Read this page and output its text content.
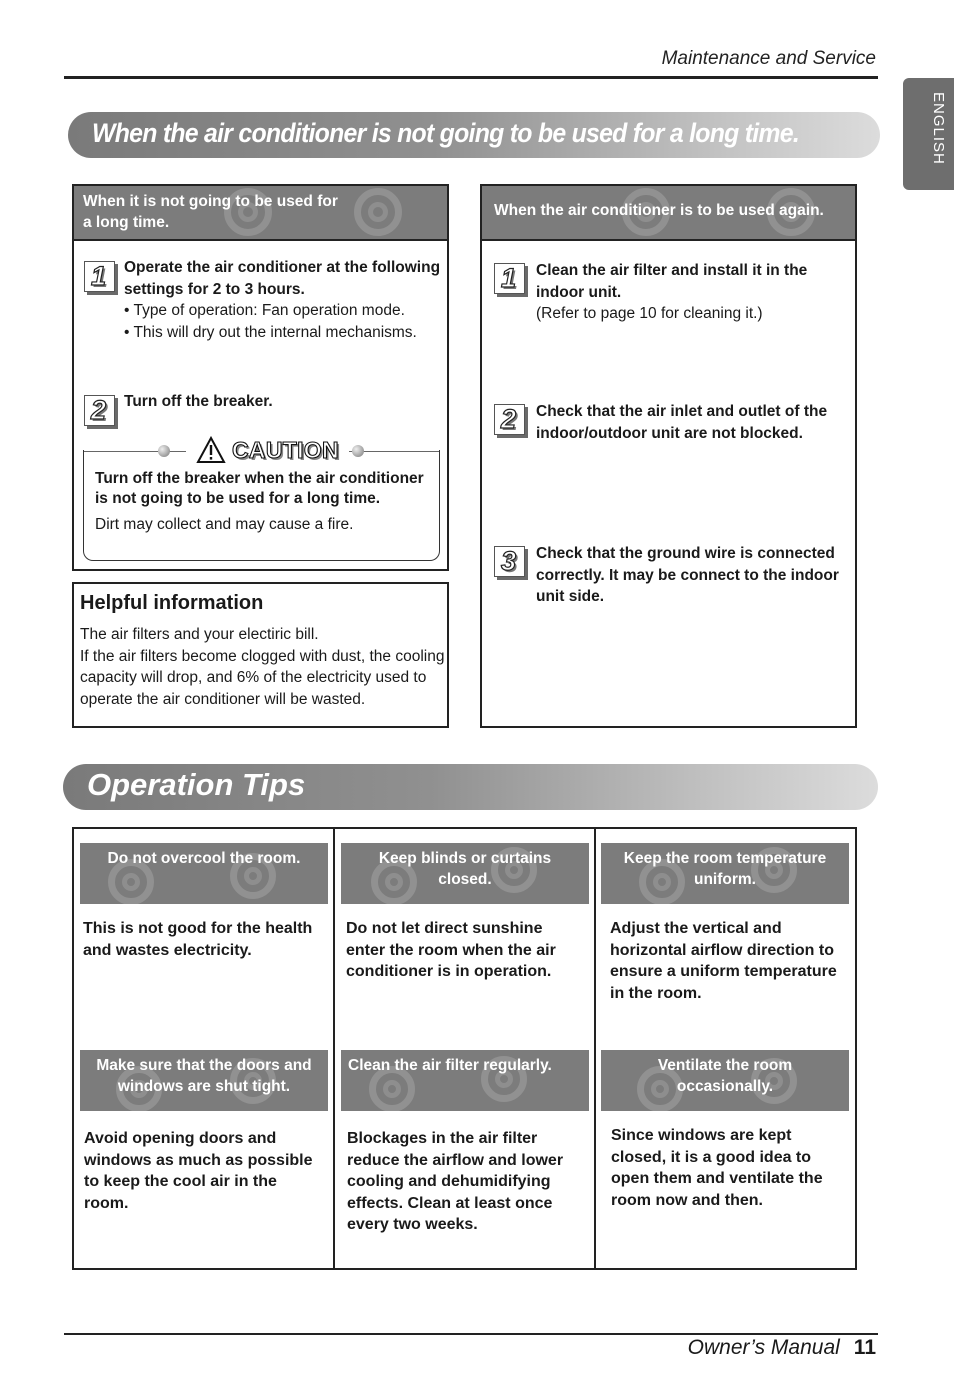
Maintenance and Service
ENGLISH
When the air conditioner is not going to be used for a long time.
When it is not going to be used for
a long time.
1 Operate the air conditioner at the following settings for 2 to 3 hours.
• Type of operation: Fan operation mode.
• This will dry out the internal mechanisms.
2 Turn off the breaker.
Turn off the breaker when the air conditioner is not going to be used for a long time.
Dirt may collect and may cause a fire.
CAUTION
When the air conditioner is to be used again.
1 Clean the air filter and install it in the indoor unit.
(Refer to page 10 for cleaning it.)
2 Check that the air inlet and outlet of the indoor/outdoor unit are not blocked.
3 Check that the ground wire is connected correctly. It may be connect to the indoor unit side.
Helpful information
The air filters and your electiric bill.
If the air filters become clogged with dust, the cooling capacity will drop, and 6% of the electricity used to operate the air conditioner will be wasted.
Operation Tips
Do not overcool the room.
This is not good for the health and wastes electricity.
Keep blinds or curtains closed.
Do not let direct sunshine enter the room when the air conditioner is in operation.
Keep the room temperature uniform.
Adjust the vertical and horizontal airflow direction to ensure a uniform temperature in the room.
Make sure that the doors and windows are shut tight.
Avoid opening doors and windows as much as possible to keep the cool air in the room.
Clean the air filter regularly.
Blockages in the air filter reduce the airflow and lower cooling and dehumidifying effects. Clean at least once every two weeks.
Ventilate the room occasionally.
Since windows are kept closed, it is a good idea to open them and ventilate the room now and then.
Owner’s Manual 11
